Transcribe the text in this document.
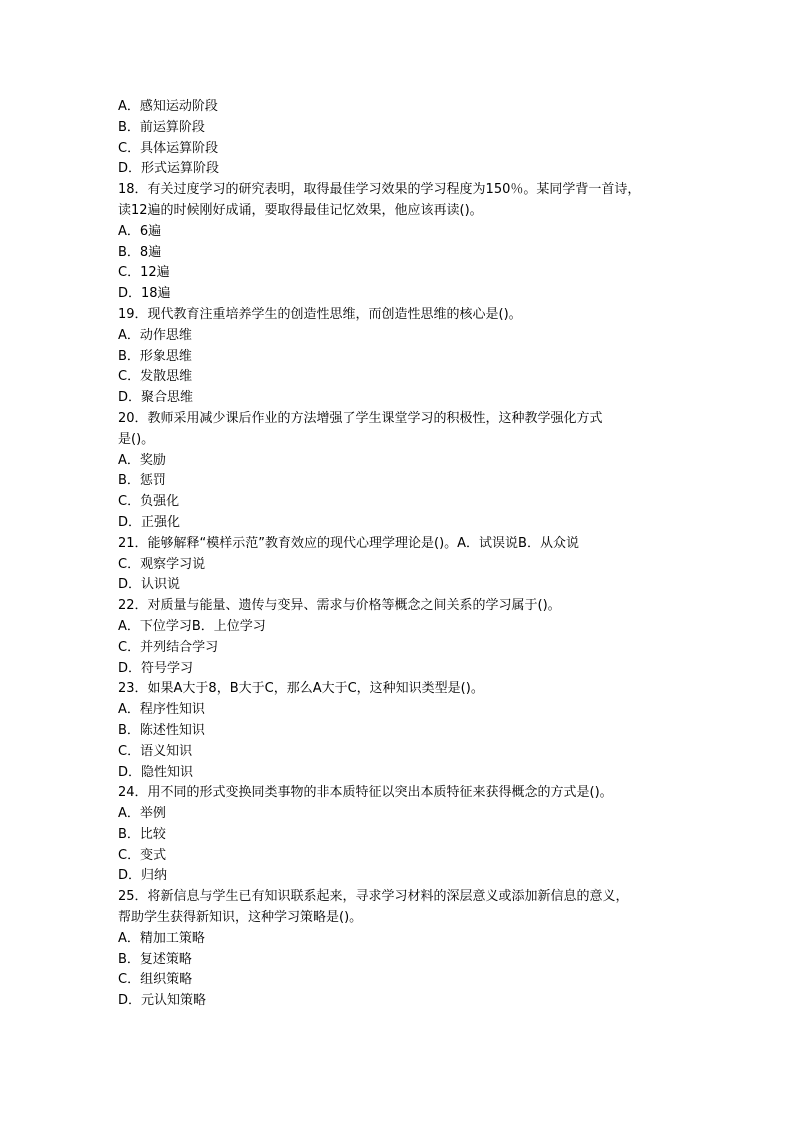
A．感知运动阶段
B．前运算阶段
C．具体运算阶段
D．形式运算阶段
18．有关过度学习的研究表明，取得最佳学习效果的学习程度为150％。某同学背一首诗，
读12遍的时候刚好成诵，要取得最佳记忆效果，他应该再读()。
A．6遍
B．8遍
C．12遍
D．18遍
19．现代教育注重培养学生的创造性思维，而创造性思维的核心是()。
A．动作思维
B．形象思维
C．发散思维
D．聚合思维
20．教师采用减少课后作业的方法增强了学生课堂学习的积极性，这种教学强化方式
是()。
A．奖励
B．惩罚
C．负强化
D．正强化
21．能够解释“模样示范”教育效应的现代心理学理论是()。A．试误说B．从众说
C．观察学习说
D．认识说
22．对质量与能量、遗传与变异、需求与价格等概念之间关系的学习属于()。
A．下位学习B．上位学习
C．并列结合学习
D．符号学习
23．如果A大于8，B大于C，那么A大于C，这种知识类型是()。
A．程序性知识
B．陈述性知识
C．语义知识
D．隐性知识
24．用不同的形式变换同类事物的非本质特征以突出本质特征来获得概念的方式是()。
A．举例
B．比较
C．变式
D．归纳
25．将新信息与学生已有知识联系起来，寻求学习材料的深层意义或添加新信息的意义，
帮助学生获得新知识，这种学习策略是()。
A．精加工策略
B．复述策略
C．组织策略
D．元认知策略
